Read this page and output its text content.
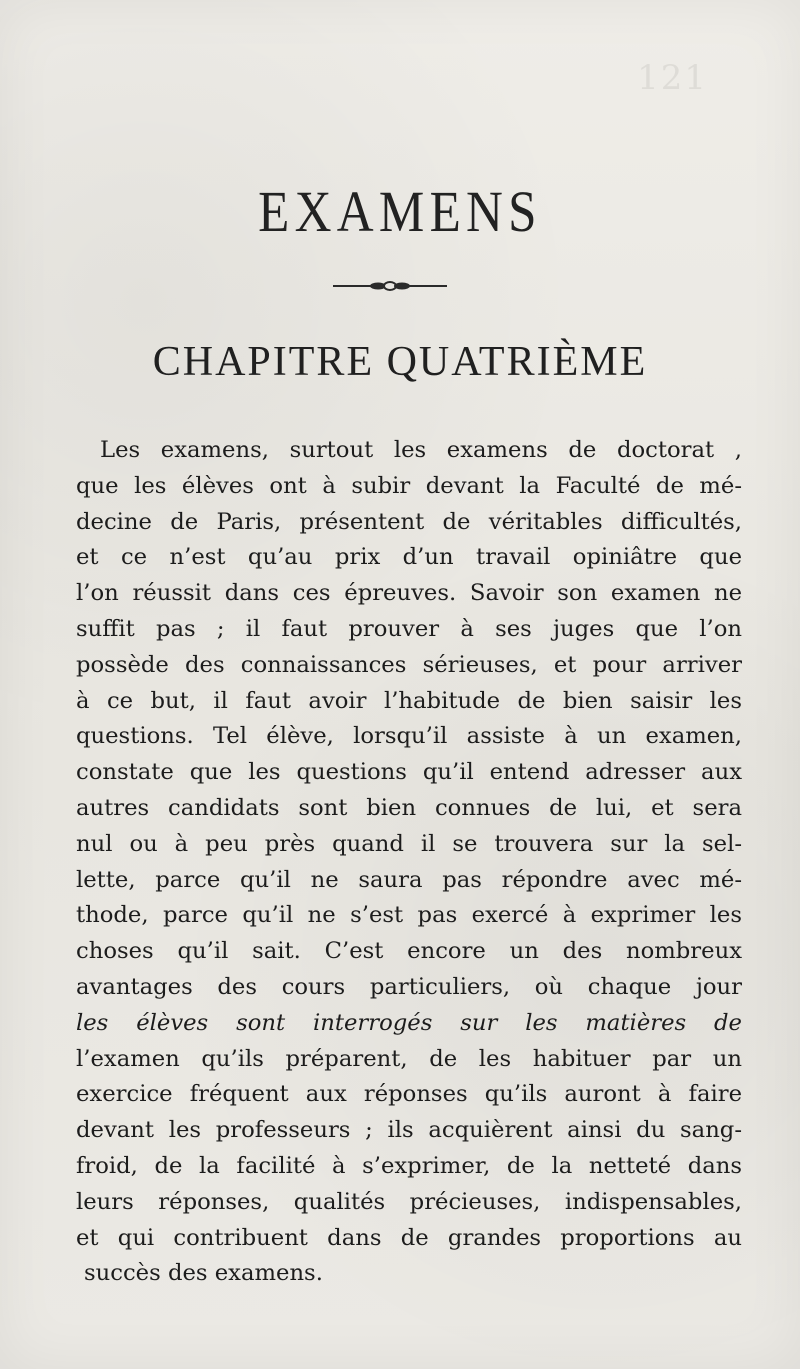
121
EXAMENS
CHAPITRE QUATRIÈME
Les examens, surtout les examens de doctorat ,
que les élèves ont à subir devant la Faculté de mé-
decine de Paris, présentent de véritables difficultés,
et ce n’est qu’au prix d’un travail opiniâtre que
l’on réussit dans ces épreuves. Savoir son examen ne
suffit pas ; il faut prouver à ses juges que l’on
possède des connaissances sérieuses, et pour arriver
à ce but, il faut avoir l’habitude de bien saisir les
questions. Tel élève, lorsqu’il assiste à un examen,
constate que les questions qu’il entend adresser aux
autres candidats sont bien connues de lui, et sera
nul ou à peu près quand il se trouvera sur la sel-
lette, parce qu’il ne saura pas répondre avec mé-
thode, parce qu’il ne s’est pas exercé à exprimer les
choses qu’il sait. C’est encore un des nombreux
avantages des cours particuliers, où chaque jour
les élèves sont interrogés sur les matières de
l’examen qu’ils préparent, de les habituer par un
exercice fréquent aux réponses qu’ils auront à faire
devant les professeurs ; ils acquièrent ainsi du sang-
froid, de la facilité à s’exprimer, de la netteté dans
leurs réponses, qualités précieuses, indispensables,
et qui contribuent dans de grandes proportions au
succès des examens.
